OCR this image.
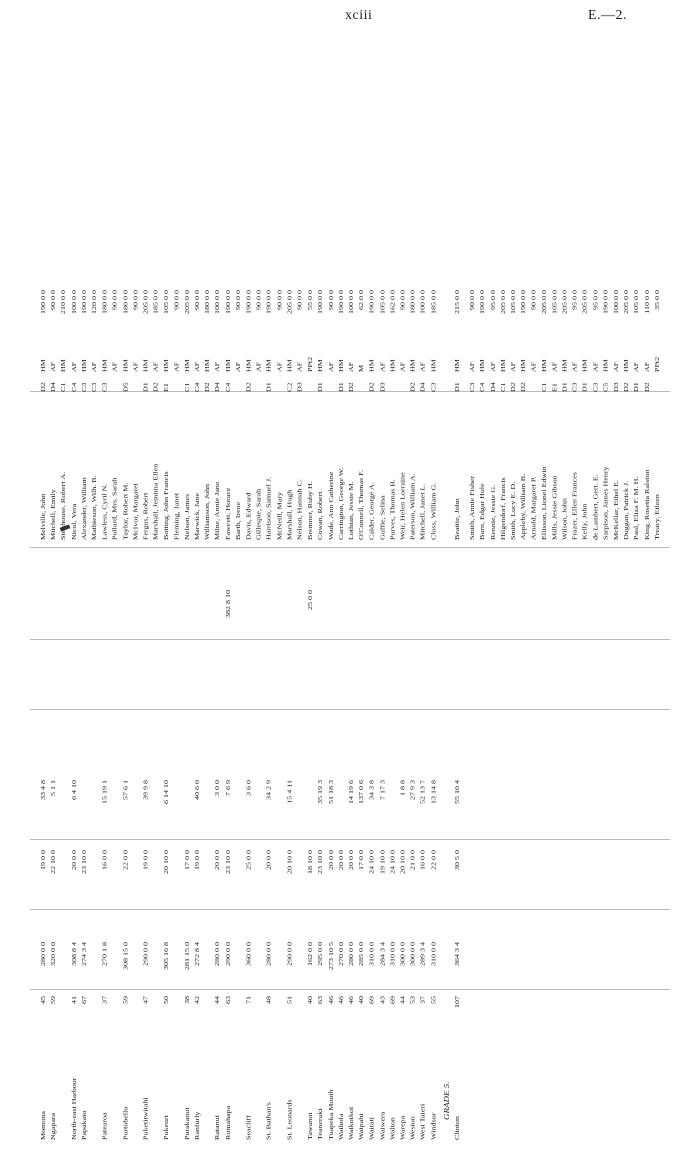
xciii	E.—2.
Momona
45
280 0 0
19 0 0
33 4 8
Melville, John
D2
HM
190 0 0
Ngapara
59
320 0 0
22 10 0
5 1 1
Mitchell, Emily
D4
AF
90 0 0
Stenhouse, Robert A.
C1
HM
210 0 0
North-east Harbour
41
308 8 4
20 0 0
6 4 10
Nicol, Vera
C4
AF
100 0 0
Papakaio
67
274 3 4
23 10 0
Alexander, William
C3
HM
190 0 0
Mathieson, Wilh. B.
C3
AF
120 0 0
Patearoa
37
270 1 8
16 0 0
15 19 1
Lawless, Cyril N.
C3
HM
180 0 0
Pollard, Mrs. Sarah
AF
90 0 0
Portobello
59
308 15 0
22 0 0
57 6 1
Taylor, Robert M.
D5
HM
180 0 0
McIvor, Margaret
AF
90 0 0
Puketitwitahi
47
290 0 0
19 0 0
39 9 8
Fergus, Robert
D1
HM
205 0 0
Marshall, Jemima Ellen
D2
AF
185 0 0
Pukeuri
50
305 16 8
20 10 0
6 14 10
Botting, John Francis
E1
HM
105 0 0
Fleming, Janet
AF
90 0 0
Purakanui
38
281 15 0
17 0 0
Nelson, James
C1
HM
205 0 0
Ranfurly
42
272 8 4
19 0 0
40 6 0
Marwick, Jane
C4
AF
90 0 0
Williamson, John
D2
HM
180 0 0
Ratanui
44
280 0 0
20 0 0
3 0 0
Milne, Annie Jane
D4
AF
100 0 0
Romahapa
63
290 0 0
23 10 0
7 6 9
382 8 10
Fawcett, Horace
C4
HM
190 0 0
Barth, Irene
AF
90 0 0
Seacliff
71
360 0 0
25 0 0
3 6 0
Davis, Edward
D2
HM
190 0 0
Gillespie, Sarah
AF
90 0 0
St. Bathan's
48
280 0 0
20 0 0
34 2 9
Harrison, Samuel J.
D1
HM
190 0 0
McNeill, Mary
AF
90 0 0
St. Leonards
51
290 0 0
20 10 0
15 4 11
Marshall, Hugh
C2
HM
205 0 0
Nelson, Hannah C.
D3
AF
90 0 0
Tawanui
40
162 0 0
18 10 0
25 0 0
Bremner, Ruby H.
PPt2
55 0 0
Teaneraki
63
295 0 0
23 10 0
35 19 3
Cowan, Robert
D1
HM
190 0 0
Tuapeka Mouth
46
273 10 5
20 0 0
51 18 3
Wade, Ann Catherine
AF
90 0 0
Waihola
46
270 0 0
20 0 0
Carrington, George W.
D1
HM
190 0 0
Waikoikoi
46
280 0 0
20 0 0
14 19 6
Lothian, Jessie M.
D2
AF
100 0 0
Waipahi
40
285 0 0
17 0 0
137 0 6
O'Connell, Thomas F.
M
62 0 0
Waitati
69
310 0 0
24 10 0
34 3 8
Calder, George A.
D2
HM
190 0 0
Waiwera
43
284 3 4
19 10 0
7 17 3
Guffie, Selina
D3
AF
105 0 0
Walton
69
310 0 0
24 10 0
Purves, Thomas B.
HM
162 0 0
Warepa
44
300 0 0
20 10 0
1 8 8
Weir, Helen Lorraine
AF
90 0 0
Weston
53
300 0 0
21 0 0
27 9 3
Paterson, William A.
D2
HM
180 0 0
West Taieri
37
289 3 4
16 0 0
52 13 7
Mitchell, Janet L.
D4
AF
100 0 0
Windsor
55
310 0 0
22 0 0
13 14 8
Closs, William G.
C3
HM
185 0 0
GRADE 5.
Clinton
107
364 3 4
30 5 0
55 10 4
Beattie, John
D1
HM
215 0 0
Smith, Annie Fisher
C3
AF
90 0 0
Burn, Edgar Hule
C4
HM
190 0 0
Rennie, Jessie G.
D4
AF
95 0 0
Hilgendorf, Francis
C1
HM
205 0 0
Smith, Lucy E. D.
D2
AF
105 0 0
Appleby, William B.
D2
HM
190 0 0
Arnold, Margaret P.
AF
90 0 0
Ellisson, Lionel Edwin
C1
HM
205 0 0
Mills, Jessie Gibson
E1
AF
105 0 0
Wilson, John
D1
HM
205 0 0
Frazer, Ellen Frances
C3
AF
95 0 0
Kelly, John
D1
HM
205 0 0
de Lambert, Gert. E.
C3
AF
95 0 0
Sarpison, James Henry
C5
HM
190 0 0
McKellar, Ethel E.
D3
AF
100 0 0
Duggan, Patrick J.
D2
HM
205 0 0
Paul, Eliza F. M. H.
D1
AF
105 0 0
King, Rosetta Ralston
D2
AF
110 0 0
Treacy, Eileen
PPt2
35 0 0
